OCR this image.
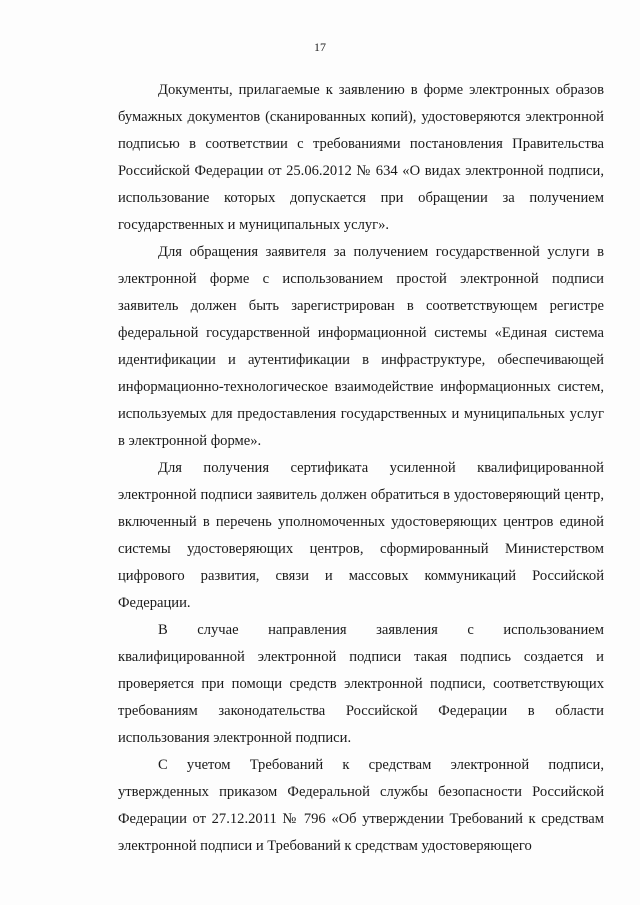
17

Документы, прилагаемые к заявлению в форме электронных образов бумажных документов (сканированных копий), удостоверяются электронной подписью в соответствии с требованиями постановления Правительства Российской Федерации от 25.06.2012 № 634 «О видах электронной подписи, использование которых допускается при обращении за получением государственных и муниципальных услуг».

Для обращения заявителя за получением государственной услуги в электронной форме с использованием простой электронной подписи заявитель должен быть зарегистрирован в соответствующем регистре федеральной государственной информационной системы «Единая система идентификации и аутентификации в инфраструктуре, обеспечивающей информационно-технологическое взаимодействие информационных систем, используемых для предоставления государственных и муниципальных услуг в электронной форме».

Для получения сертификата усиленной квалифицированной электронной подписи заявитель должен обратиться в удостоверяющий центр, включенный в перечень уполномоченных удостоверяющих центров единой системы удостоверяющих центров, сформированный Министерством цифрового развития, связи и массовых коммуникаций Российской Федерации.

В случае направления заявления с использованием квалифицированной электронной подписи такая подпись создается и проверяется при помощи средств электронной подписи, соответствующих требованиям законодательства Российской Федерации в области использования электронной подписи.

С учетом Требований к средствам электронной подписи, утвержденных приказом Федеральной службы безопасности Российской Федерации от 27.12.2011 № 796 «Об утверждении Требований к средствам электронной подписи и Требований к средствам удостоверяющего
